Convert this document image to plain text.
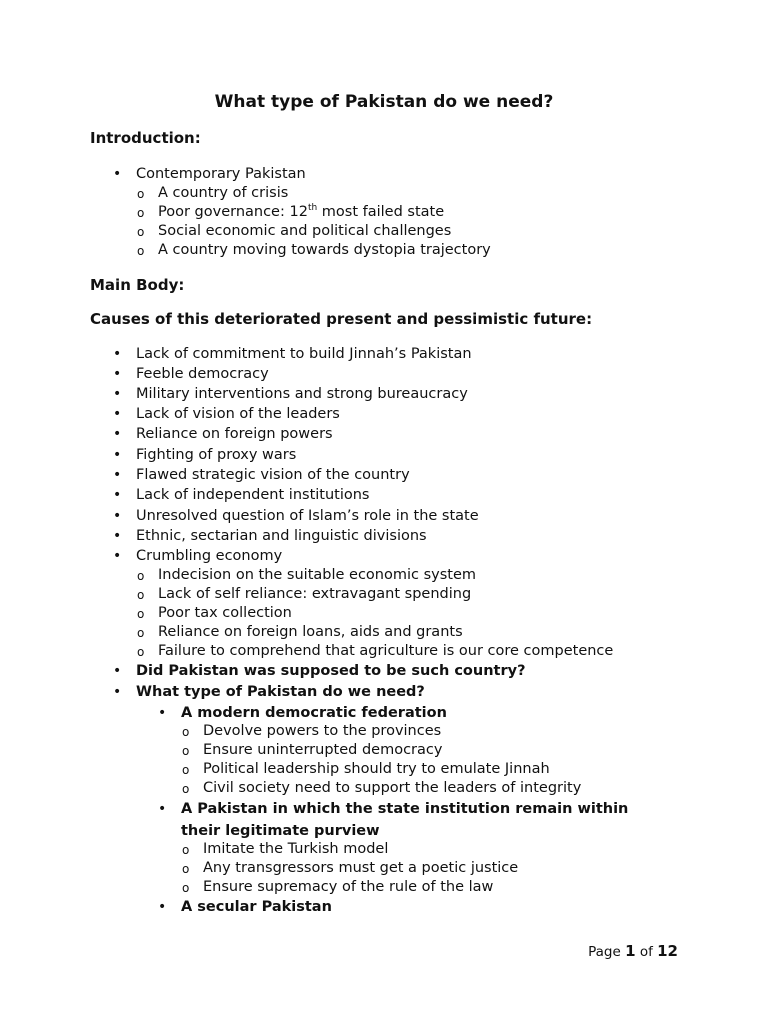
What type of Pakistan do we need?
Introduction:
• Contemporary Pakistan
o A country of crisis
o Poor governance: 12th most failed state
o Social economic and political challenges
o A country moving towards dystopia trajectory
Main Body:
Causes of this deteriorated present and pessimistic future:
• Lack of commitment to build Jinnah’s Pakistan
• Feeble democracy
• Military interventions and strong bureaucracy
• Lack of vision of the leaders
• Reliance on foreign powers
• Fighting of proxy wars
• Flawed strategic vision of the country
• Lack of independent institutions
• Unresolved question of Islam’s role in the state
• Ethnic, sectarian and linguistic divisions
• Crumbling economy
o Indecision on the suitable economic system
o Lack of self reliance: extravagant spending
o Poor tax collection
o Reliance on foreign loans, aids and grants
o Failure to comprehend that agriculture is our core competence
• Did Pakistan was supposed to be such country?
• What type of Pakistan do we need?
• A modern democratic federation
o Devolve powers to the provinces
o Ensure uninterrupted democracy
o Political leadership should try to emulate Jinnah
o Civil society need to support the leaders of integrity
• A Pakistan in which the state institution remain within
their legitimate purview
o Imitate the Turkish model
o Any transgressors must get a poetic justice
o Ensure supremacy of the rule of the law
• A secular Pakistan
Page 1 of 12
